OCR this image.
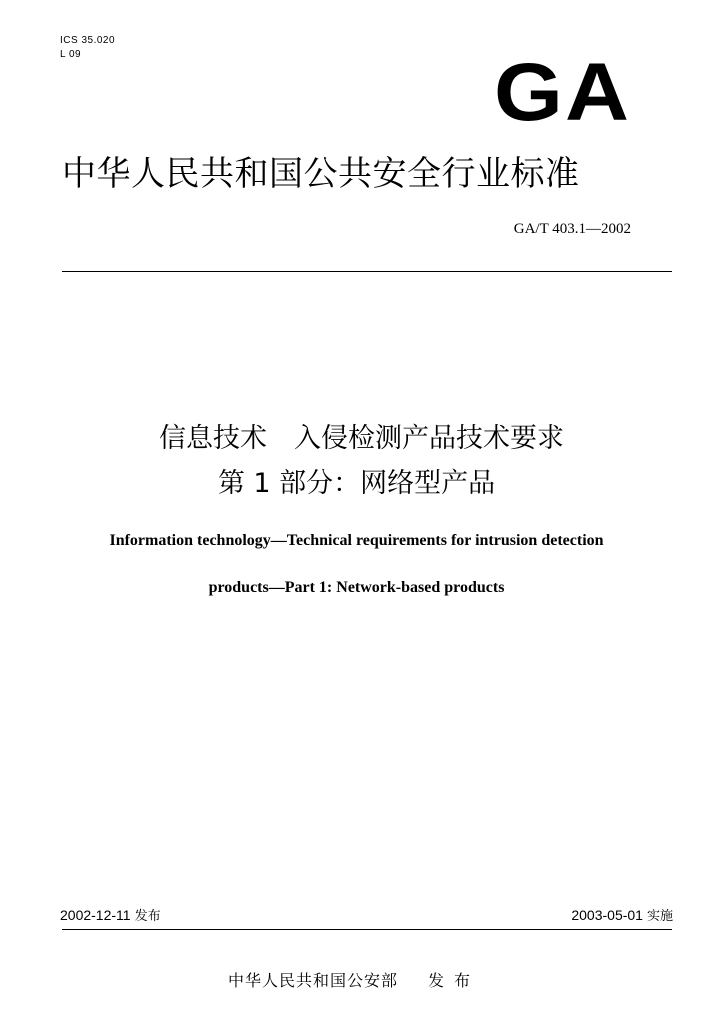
ICS 35.020
L 09	GA
中华人民共和国公共安全行业标准
GA/T 403.1—2002
信息技术　入侵检测产品技术要求
第 1 部分：网络型产品
Information technology—Technical requirements for intrusion detection
products—Part 1: Network-based products
2002-12-11 发布	2003-05-01 实施
中华人民共和国公安部 发布
